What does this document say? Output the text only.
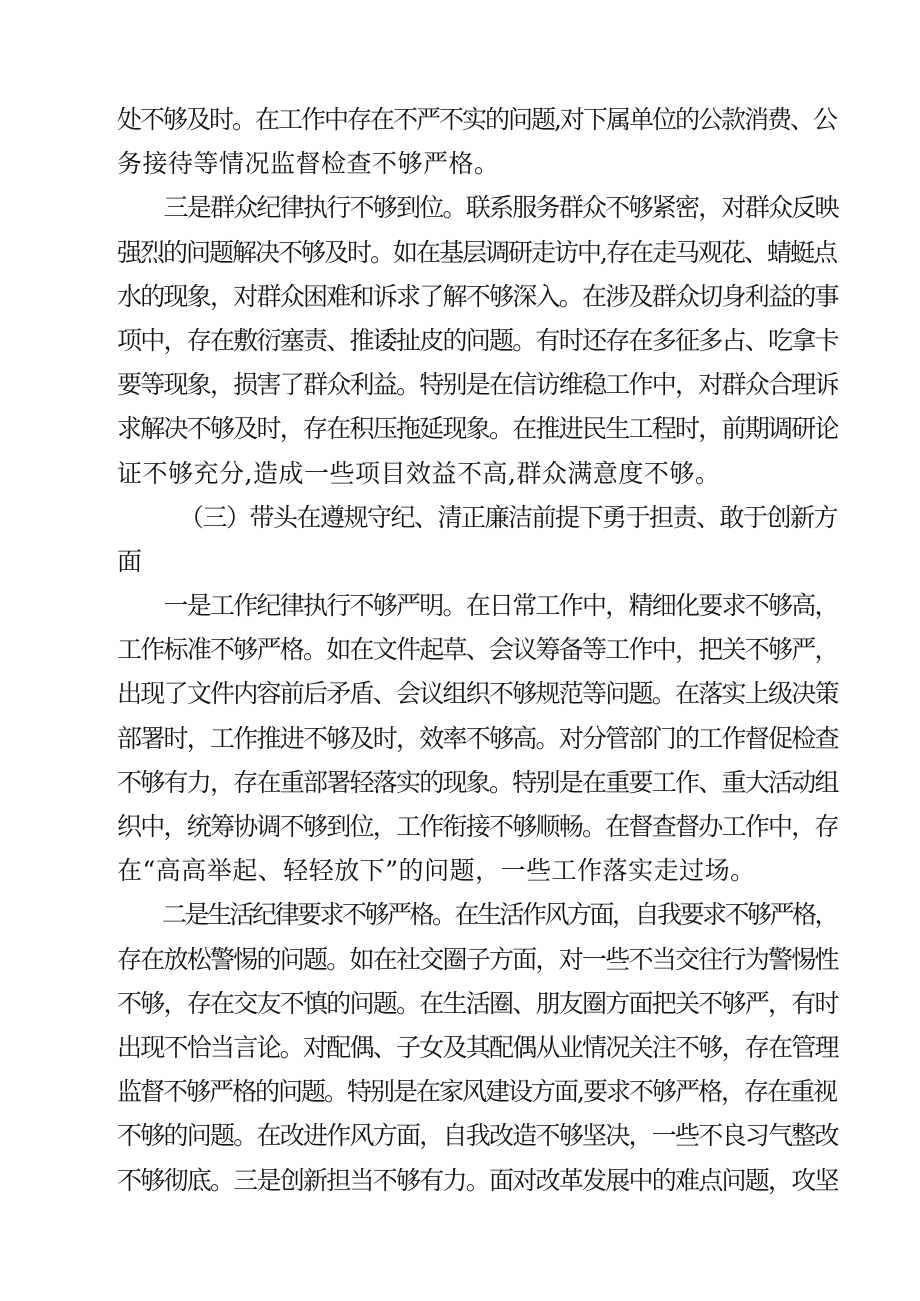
处不够及时。在工作中存在不严不实的问题,对下属单位的公款消费、公
务接待等情况监督检查不够严格。
　　三是群众纪律执行不够到位。联系服务群众不够紧密，对群众反映
强烈的问题解决不够及时。如在基层调研走访中,存在走马观花、蜻蜓点
水的现象，对群众困难和诉求了解不够深入。在涉及群众切身利益的事
项中，存在敷衍塞责、推诿扯皮的问题。有时还存在多征多占、吃拿卡
要等现象，损害了群众利益。特别是在信访维稳工作中，对群众合理诉
求解决不够及时，存在积压拖延现象。在推进民生工程时，前期调研论
证不够充分,造成一些项目效益不高,群众满意度不够。
（三）带头在遵规守纪、清正廉洁前提下勇于担责、敢于创新方
面
　　一是工作纪律执行不够严明。在日常工作中，精细化要求不够高，
工作标准不够严格。如在文件起草、会议筹备等工作中，把关不够严，
出现了文件内容前后矛盾、会议组织不够规范等问题。在落实上级决策
部署时，工作推进不够及时，效率不够高。对分管部门的工作督促检查
不够有力，存在重部署轻落实的现象。特别是在重要工作、重大活动组
织中，统筹协调不够到位，工作衔接不够顺畅。在督查督办工作中，存
在“高高举起、轻轻放下”的问题，一些工作落实走过场。
　　二是生活纪律要求不够严格。在生活作风方面，自我要求不够严格，
存在放松警惕的问题。如在社交圈子方面，对一些不当交往行为警惕性
不够，存在交友不慎的问题。在生活圈、朋友圈方面把关不够严，有时
出现不恰当言论。对配偶、子女及其配偶从业情况关注不够，存在管理
监督不够严格的问题。特别是在家风建设方面,要求不够严格，存在重视
不够的问题。在改进作风方面，自我改造不够坚决，一些不良习气整改
不够彻底。三是创新担当不够有力。面对改革发展中的难点问题，攻坚
